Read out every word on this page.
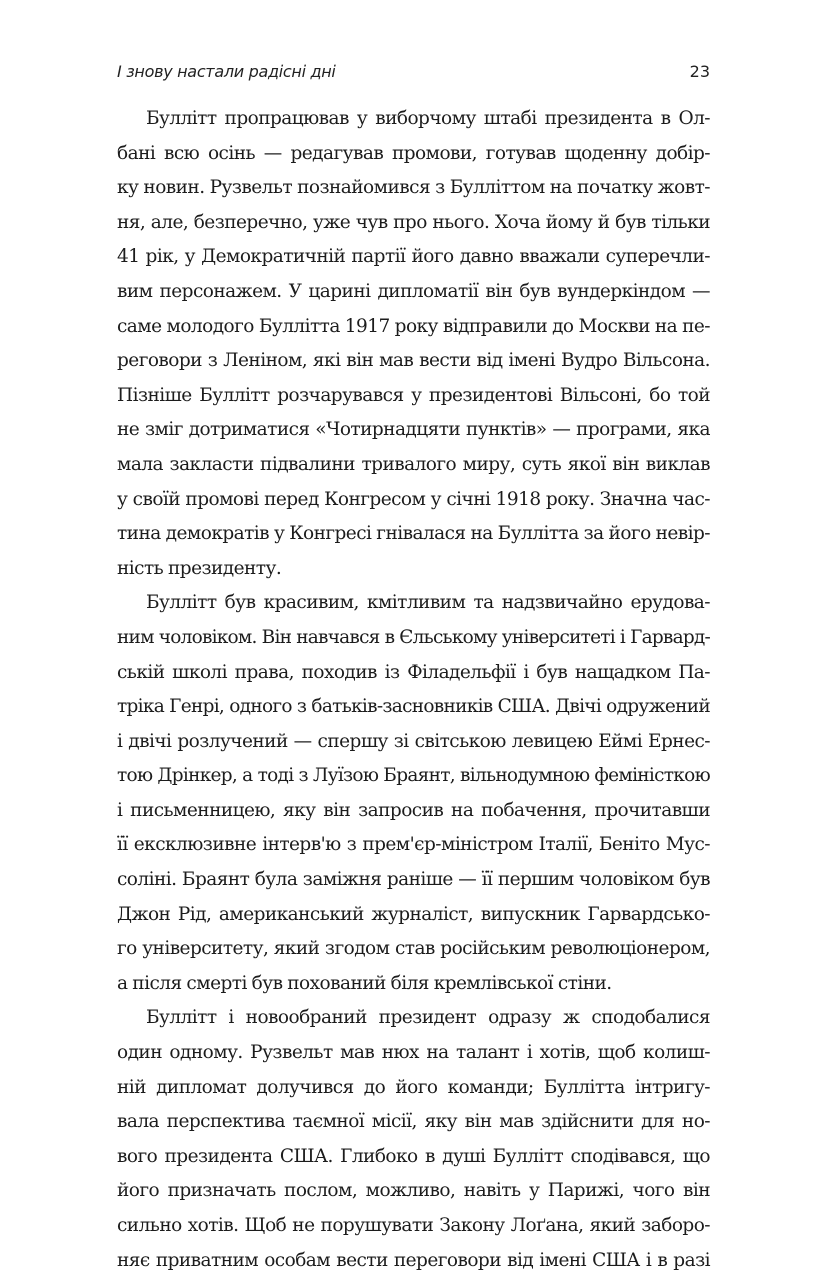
І знову настали радісні дні	23
Буллітт пропрацював у виборчому штабі президента в Ол-
бані всю осінь — редагував промови, готував щоденну добір-
ку новин. Рузвельт познайомився з Булліттом на початку жовт-
ня, але, безперечно, уже чув про нього. Хоча йому й був тільки
41 рік, у Демократичній партії його давно вважали суперечли-
вим персонажем. У царині дипломатії він був вундеркіндом —
саме молодого Буллітта 1917 року відправили до Москви на пе-
реговори з Леніном, які він мав вести від імені Вудро Вільсона.
Пізніше Буллітт розчарувався у президентові Вільсоні, бо той
не зміг дотриматися «Чотирнадцяти пунктів» — програми, яка
мала закласти підвалини тривалого миру, суть якої він виклав
у своїй промові перед Конгресом у січні 1918 року. Значна час-
тина демократів у Конгресі гнівалася на Буллітта за його невір-
ність президенту.
Буллітт був красивим, кмітливим та надзвичайно ерудова-
ним чоловіком. Він навчався в Єльському університеті і Гарвард-
ській школі права, походив із Філадельфії і був нащадком Па-
тріка Генрі, одного з батьків-засновників США. Двічі одружений
і двічі розлучений — спершу зі світською левицею Еймі Ернес-
тою Дрінкер, а тоді з Луїзою Браянт, вільнодумною феміністкою
і письменницею, яку він запросив на побачення, прочитавши
її ексклюзивне інтерв'ю з прем'єр-міністром Італії, Беніто Мус-
соліні. Браянт була заміжня раніше — її першим чоловіком був
Джон Рід, американський журналіст, випускник Гарвардсько-
го університету, який згодом став російським революціонером,
а після смерті був похований біля кремлівської стіни.
Буллітт і новообраний президент одразу ж сподобалися
один одному. Рузвельт мав нюх на талант і хотів, щоб колиш-
ній дипломат долучився до його команди; Буллітта інтригу-
вала перспектива таємної місії, яку він мав здійснити для но-
вого президента США. Глибоко в душі Буллітт сподівався, що
його призначать послом, можливо, навіть у Парижі, чого він
сильно хотів. Щоб не порушувати Закону Лоґана, який заборо-
няє приватним особам вести переговори від імені США і в разі
